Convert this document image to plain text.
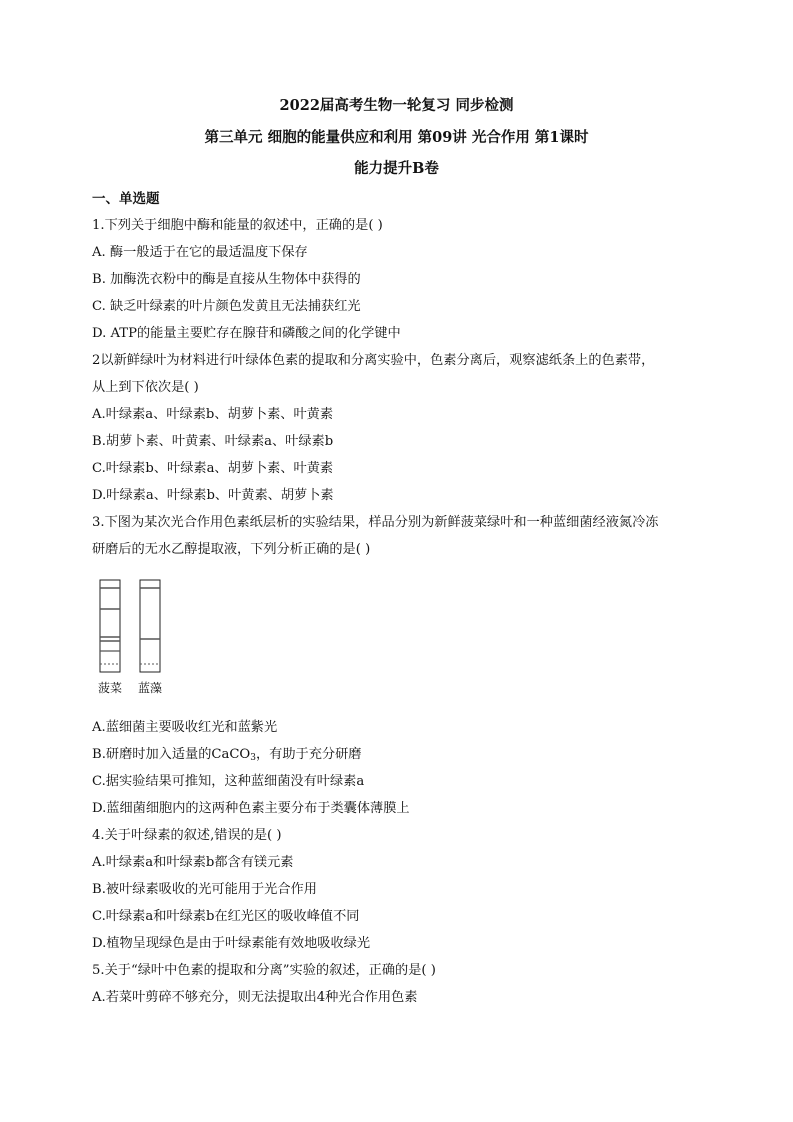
2022届高考生物一轮复习 同步检测
第三单元 细胞的能量供应和利用 第09讲 光合作用 第1课时
能力提升B卷
一、单选题
1.下列关于细胞中酶和能量的叙述中，正确的是( )
A. 酶一般适于在它的最适温度下保存
B. 加酶洗衣粉中的酶是直接从生物体中获得的
C. 缺乏叶绿素的叶片颜色发黄且无法捕获红光
D. ATP的能量主要贮存在腺苷和磷酸之间的化学键中
2以新鲜绿叶为材料进行叶绿体色素的提取和分离实验中，色素分离后，观察滤纸条上的色素带，
从上到下依次是( )
A.叶绿素a、叶绿素b、胡萝卜素、叶黄素
B.胡萝卜素、叶黄素、叶绿素a、叶绿素b
C.叶绿素b、叶绿素a、胡萝卜素、叶黄素
D.叶绿素a、叶绿素b、叶黄素、胡萝卜素
3.下图为某次光合作用色素纸层析的实验结果，样品分别为新鲜菠菜绿叶和一种蓝细菌经液氮冷冻
研磨后的无水乙醇提取液，下列分析正确的是( )
菠菜 蓝藻
A.蓝细菌主要吸收红光和蓝紫光
B.研磨时加入适量的CaCO$_3$，有助于充分研磨
C.据实验结果可推知，这种蓝细菌没有叶绿素a
D.蓝细菌细胞内的这两种色素主要分布于类囊体薄膜上
4.关于叶绿素的叙述,错误的是( )
A.叶绿素a和叶绿素b都含有镁元素
B.被叶绿素吸收的光可能用于光合作用
C.叶绿素a和叶绿素b在红光区的吸收峰值不同
D.植物呈现绿色是由于叶绿素能有效地吸收绿光
5.关于“绿叶中色素的提取和分离”实验的叙述，正确的是( )
A.若菜叶剪碎不够充分，则无法提取出4种光合作用色素
